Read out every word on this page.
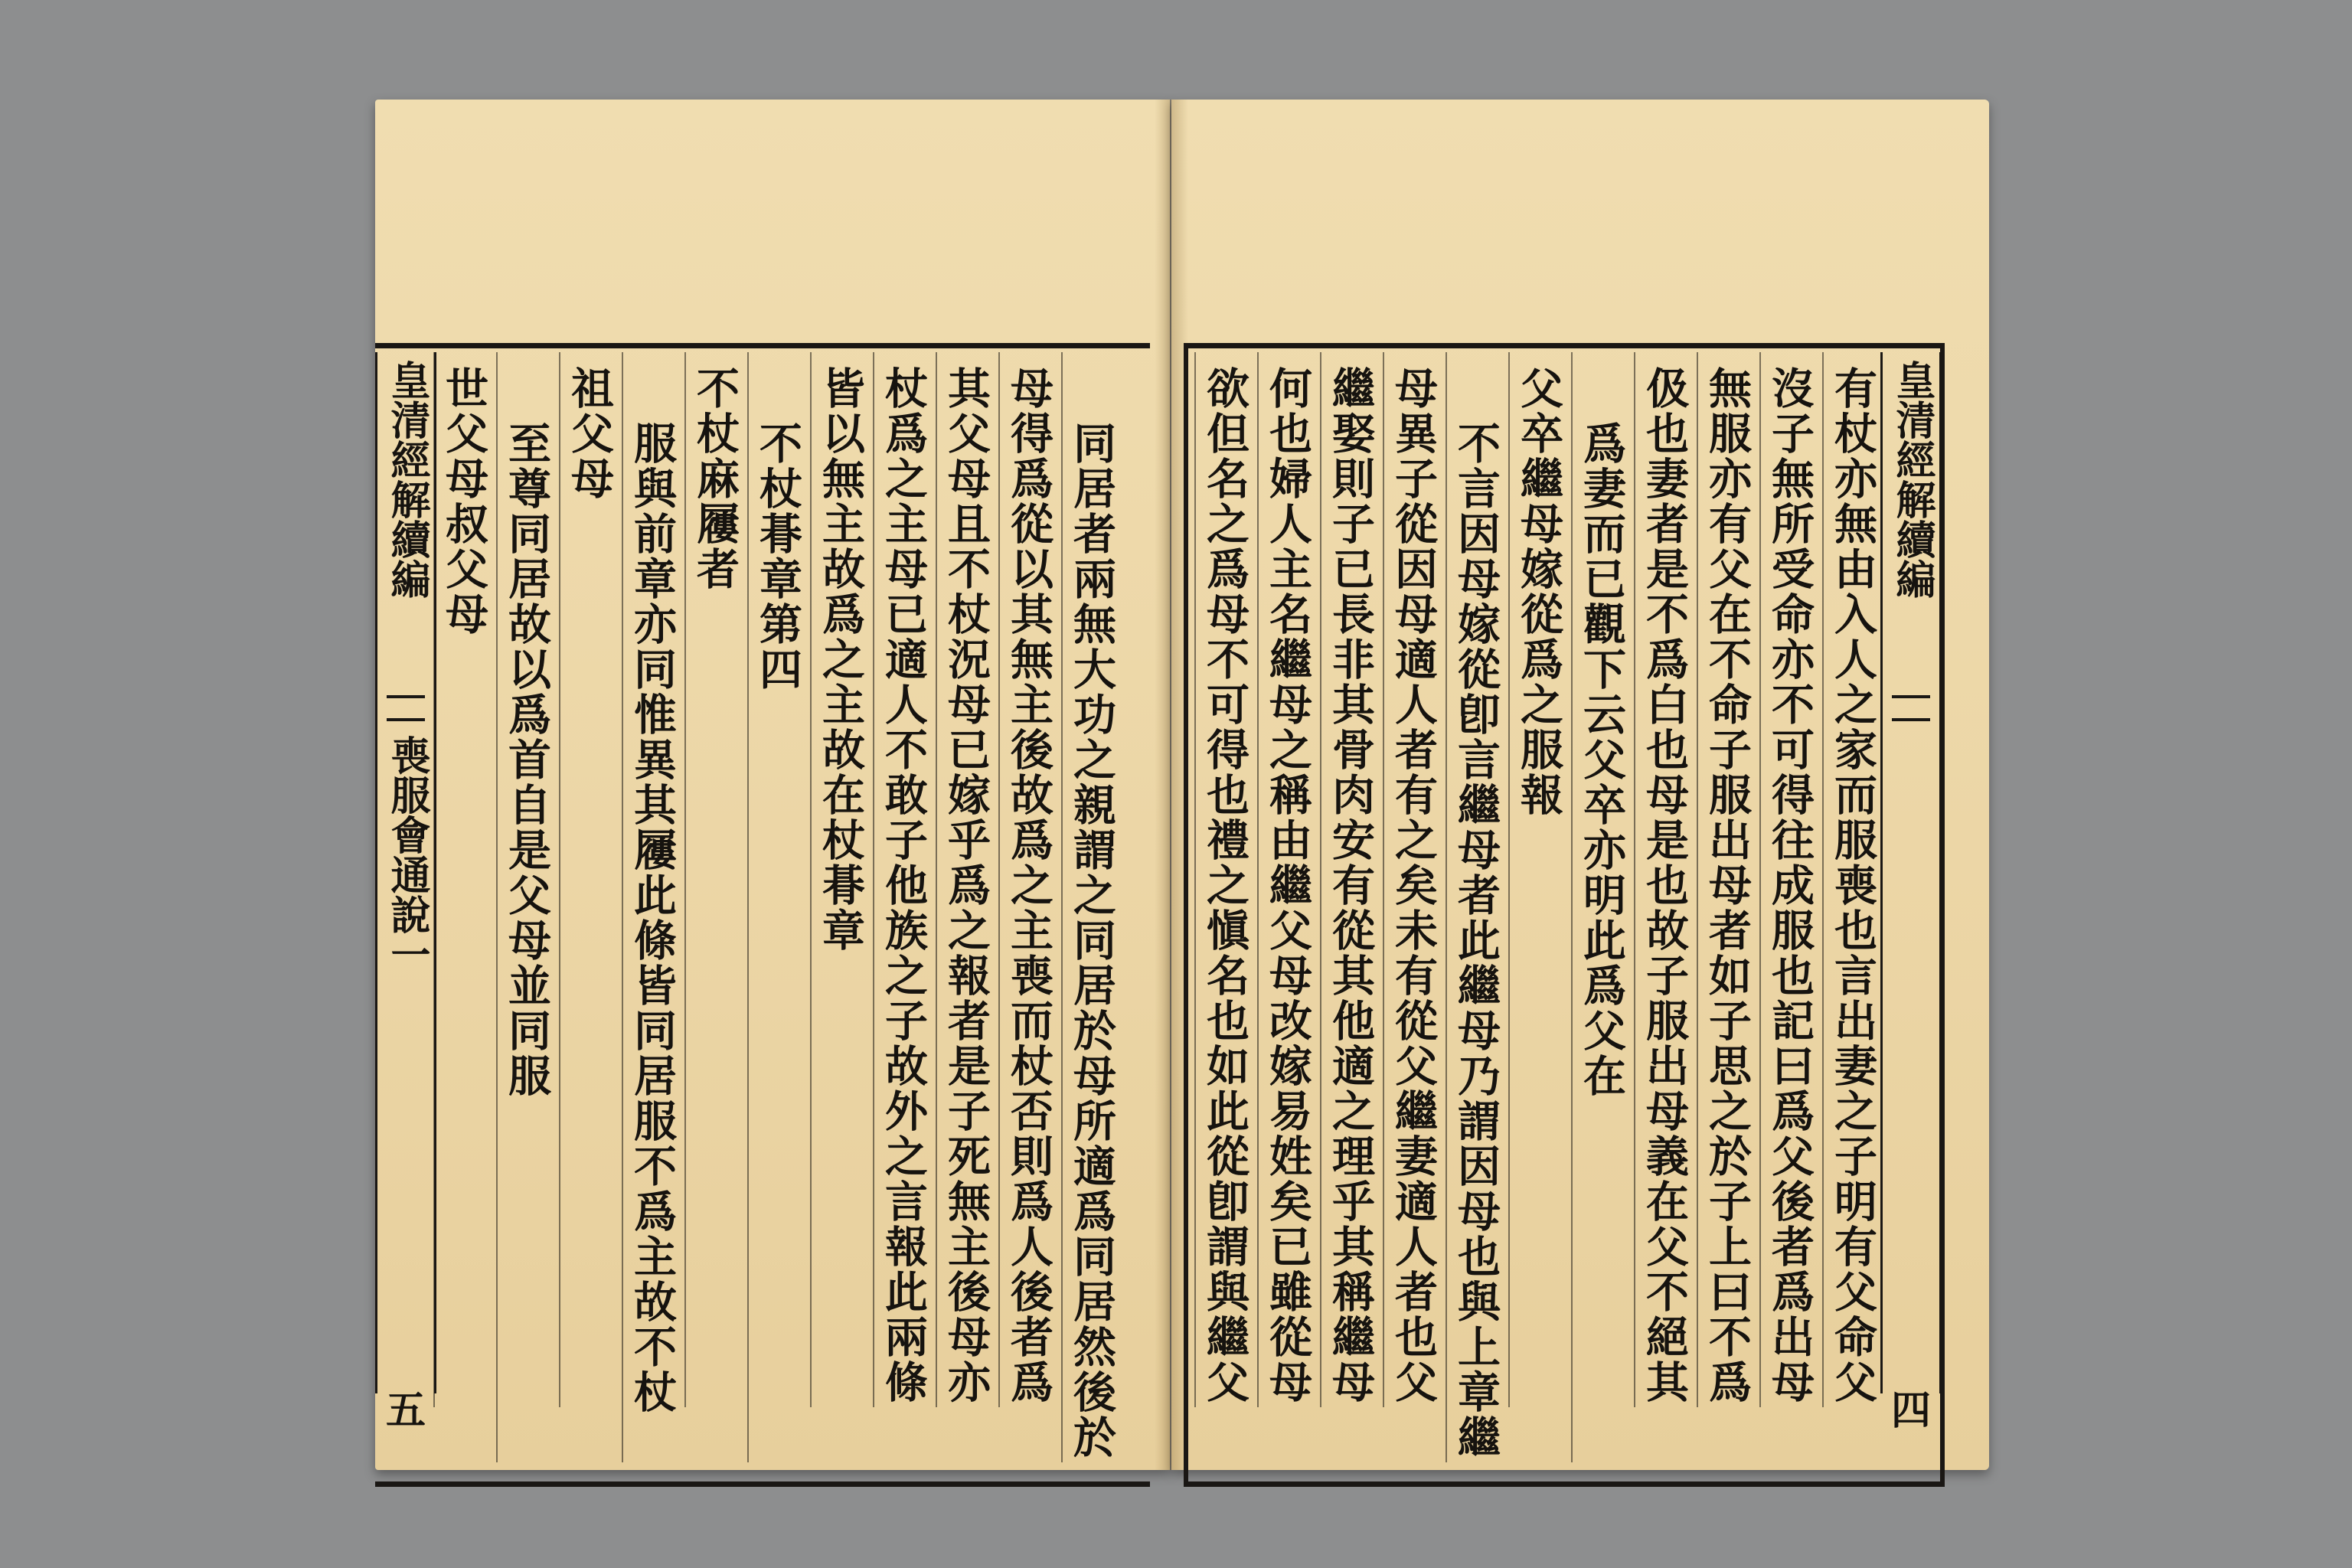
皇清經解續編
喪服會通說一
五
世父母叔父母 至尊同居故以爲首自是父母並同服 祖父母 服與前章亦同惟異其屨此條皆同居服不爲主故不杖 不杖麻屨者 不杖朞章第四 皆以無主故爲之主故在杖朞章 杖爲之主母已適人不敢子他族之子故外之言報此兩條 其父母且不杖況母已嫁乎爲之報者是子死無主後母亦 母得爲從以其無主後故爲之主喪而杖否則爲人後者爲 同居者兩無大功之親謂之同居於母所適爲同居然後於 欲但名之爲母不可得也禮之愼名也如此從卽謂與繼父 何也婦人主名繼母之稱由繼父母改嫁易姓矣已雖從母 繼娶則子已長非其骨肉安有從其他適之理乎其稱繼母 母異子從因母適人者有之矣未有從父繼妻適人者也父 不言因母嫁從卽言繼母者此繼母乃謂因母也與上章繼 父卒繼母嫁從爲之服報 爲妻而已觀下云父卒亦明此爲父在 伋也妻者是不爲白也母是也故子服出母義在父不絕其 無服亦有父在不命子服出母者如子思之於子上曰不爲 沒子無所受命亦不可得往成服也記曰爲父後者爲出母 有杖亦無由入人之家而服喪也言出妻之子明有父命父 皇清經解續編
四
